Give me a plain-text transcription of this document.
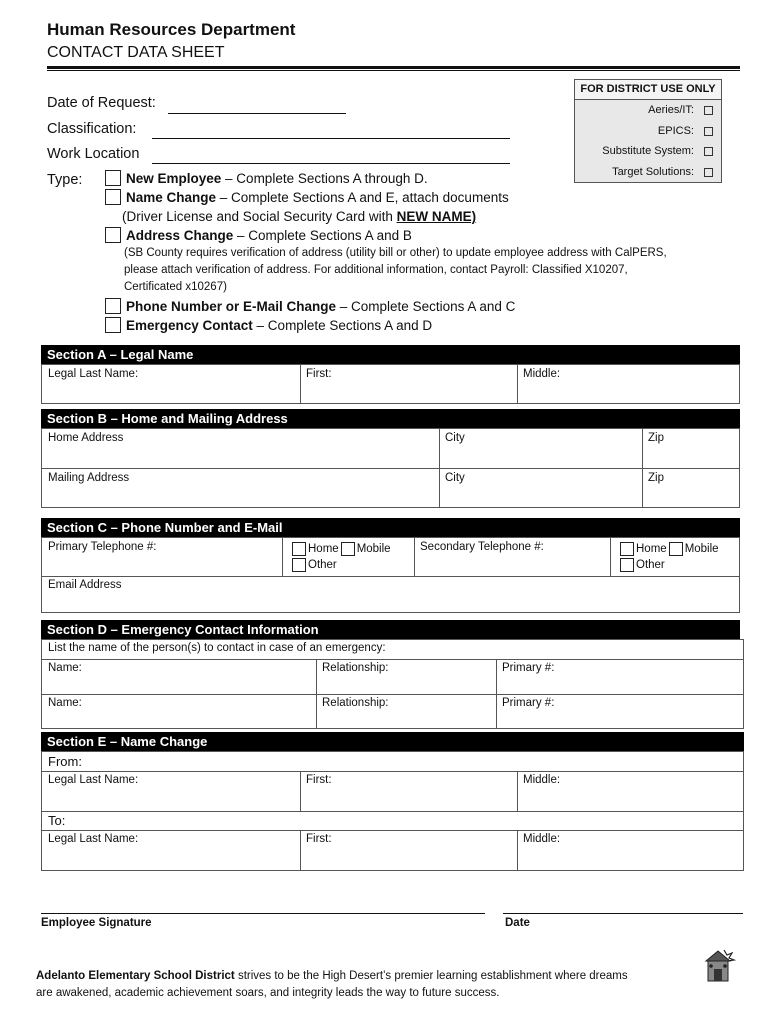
Human Resources Department
CONTACT DATA SHEET
FOR DISTRICT USE ONLY
Aeries/IT:
EPICS:
Substitute System:
Target Solutions:
Date of Request:
Classification:
Work Location
Type:	New Employee – Complete Sections A through D.
Name Change – Complete Sections A and E, attach documents
(Driver License and Social Security Card with NEW NAME)
Address Change – Complete Sections A and B
(SB County requires verification of address (utility bill or other) to update employee address with CalPERS,
please attach verification of address. For additional information, contact Payroll: Classified X10207,
Certificated x10267)
Phone Number or E-Mail Change – Complete Sections A and C
Emergency Contact – Complete Sections A and D
Section A – Legal Name
Legal Last Name:	First:	Middle:
Section B – Home and Mailing Address
Home Address	City	Zip
Mailing Address	City	Zip
Section C – Phone Number and E-Mail
Primary Telephone #:	Home Mobile
Other
Secondary Telephone #:	Home Mobile
Other
Email Address
Section D – Emergency Contact Information
List the name of the person(s) to contact in case of an emergency:
Name:	Relationship:	Primary #:
Name:	Relationship:	Primary #:
Section E – Name Change
From:
Legal Last Name:	First:	Middle:
To:
Legal Last Name:	First:	Middle:
Employee Signature	Date
Adelanto Elementary School District strives to be the High Desert’s premier learning establishment where dreams
are awakened, academic achievement soars, and integrity leads the way to future success.
